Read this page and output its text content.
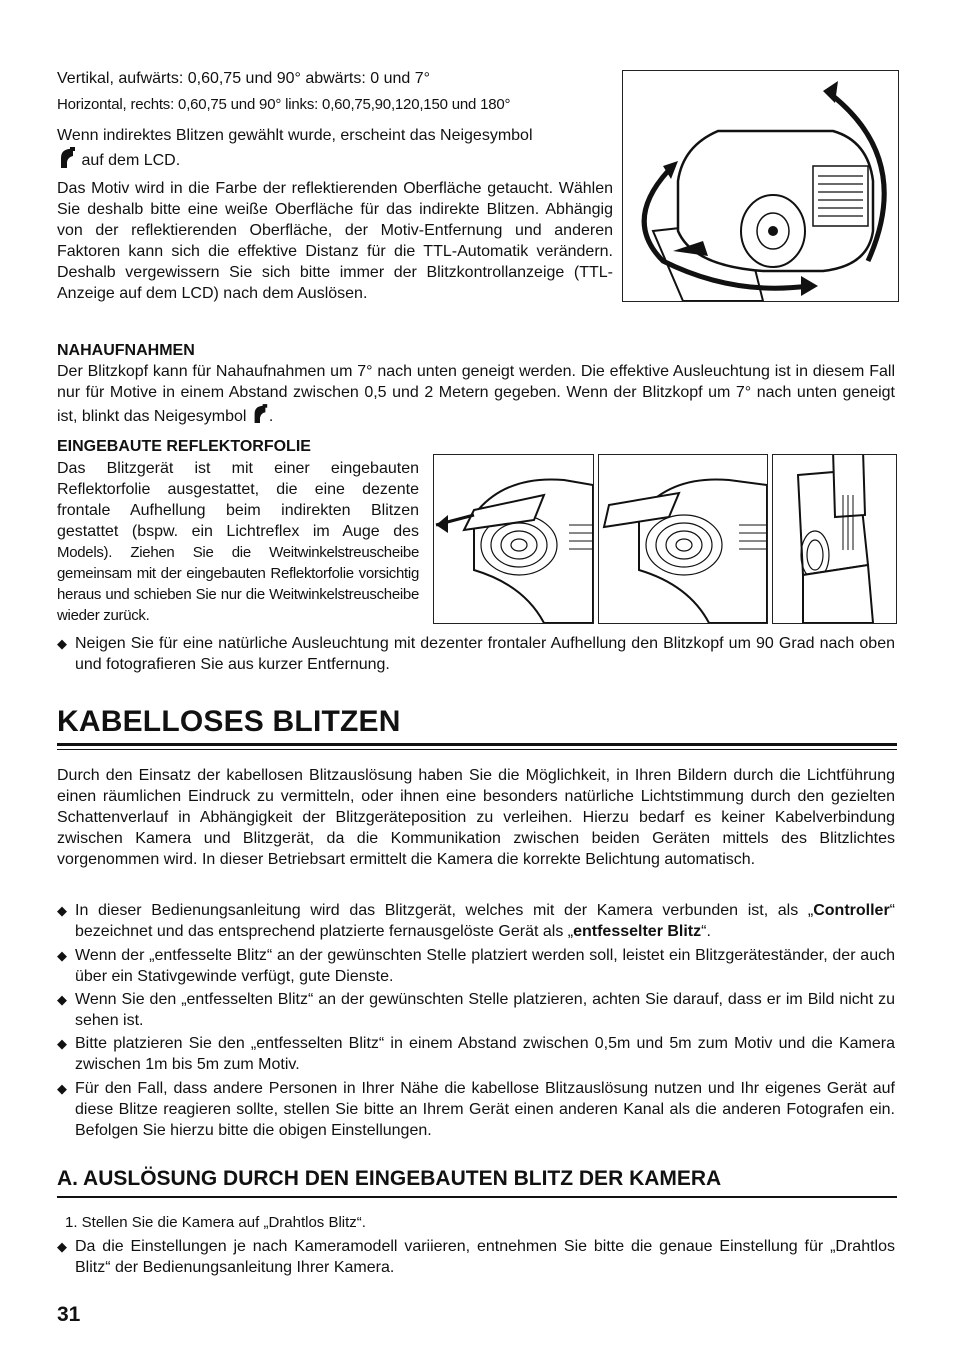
Vertikal, aufwärts: 0,60,75 und 90° abwärts: 0 und 7°

Horizontal, rechts: 0,60,75 und 90° links: 0,60,75,90,120,150 und 180°

Wenn indirektes Blitzen gewählt wurde, erscheint das Neigesymbol
auf dem LCD.

Das Motiv wird in die Farbe der reflektierenden Oberfläche getaucht. Wählen Sie deshalb bitte eine weiße Oberfläche für das indirekte Blitzen. Abhängig von der reflektierenden Oberfläche, der Motiv-Entfernung und anderen Faktoren kann sich die effektive Distanz für die TTL-Automatik verändern. Deshalb vergewissern Sie sich bitte immer der Blitzkontrollanzeige (TTL-Anzeige auf dem LCD) nach dem Auslösen.

NAHAUFNAHMEN

Der Blitzkopf kann für Nahaufnahmen um 7° nach unten geneigt werden. Die effektive Ausleuchtung ist in diesem Fall nur für Motive in einem Abstand zwischen 0,5 und 2 Metern gegeben. Wenn der Blitzkopf um 7° nach unten geneigt ist, blinkt das Neigesymbol .

EINGEBAUTE REFLEKTORFOLIE

Das Blitzgerät ist mit einer eingebauten Reflektorfolie ausgestattet, die eine dezente frontale Aufhellung beim indirekten Blitzen gestattet (bspw. ein Lichtreflex im Auge des Models). Ziehen Sie die Weitwinkelstreuscheibe gemeinsam mit der eingebauten Reflektorfolie vorsichtig heraus und schieben Sie nur die Weitwinkelstreuscheibe wieder zurück.

◆ Neigen Sie für eine natürliche Ausleuchtung mit dezenter frontaler Aufhellung den Blitzkopf um 90 Grad nach oben und fotografieren Sie aus kurzer Entfernung.
KABELLOSES BLITZEN

Durch den Einsatz der kabellosen Blitzauslösung haben Sie die Möglichkeit, in Ihren Bildern durch die Lichtführung einen räumlichen Eindruck zu vermitteln, oder ihnen eine besonders natürliche Lichtstimmung durch den gezielten Schattenverlauf in Abhängigkeit der Blitzgeräteposition zu verleihen. Hierzu bedarf es keiner Kabelverbindung zwischen Kamera und Blitzgerät, da die Kommunikation zwischen beiden Geräten mittels des Blitzlichtes vorgenommen wird. In dieser Betriebsart ermittelt die Kamera die korrekte Belichtung automatisch.

◆ In dieser Bedienungsanleitung wird das Blitzgerät, welches mit der Kamera verbunden ist, als „Controller“ bezeichnet und das entsprechend platzierte fernausgelöste Gerät als „entfesselter Blitz“.
◆ Wenn der „entfesselte Blitz“ an der gewünschten Stelle platziert werden soll, leistet ein Blitzgeräteständer, der auch über ein Stativgewinde verfügt, gute Dienste.
◆ Wenn Sie den „entfesselten Blitz“ an der gewünschten Stelle platzieren, achten Sie darauf, dass er im Bild nicht zu sehen ist.
◆ Bitte platzieren Sie den „entfesselten Blitz“ in einem Abstand zwischen 0,5m und 5m zum Motiv und die Kamera zwischen 1m bis 5m zum Motiv.
◆ Für den Fall, dass andere Personen in Ihrer Nähe die kabellose Blitzauslösung nutzen und Ihr eigenes Gerät auf diese Blitze reagieren sollte, stellen Sie bitte an Ihrem Gerät einen anderen Kanal als die anderen Fotografen ein. Befolgen Sie hierzu bitte die obigen Einstellungen.
A. AUSLÖSUNG DURCH DEN EINGEBAUTEN BLITZ DER KAMERA

1. Stellen Sie die Kamera auf „Drahtlos Blitz“.

◆ Da die Einstellungen je nach Kameramodell variieren, entnehmen Sie bitte die genaue Einstellung für „Drahtlos Blitz“ der Bedienungsanleitung Ihrer Kamera.

31
